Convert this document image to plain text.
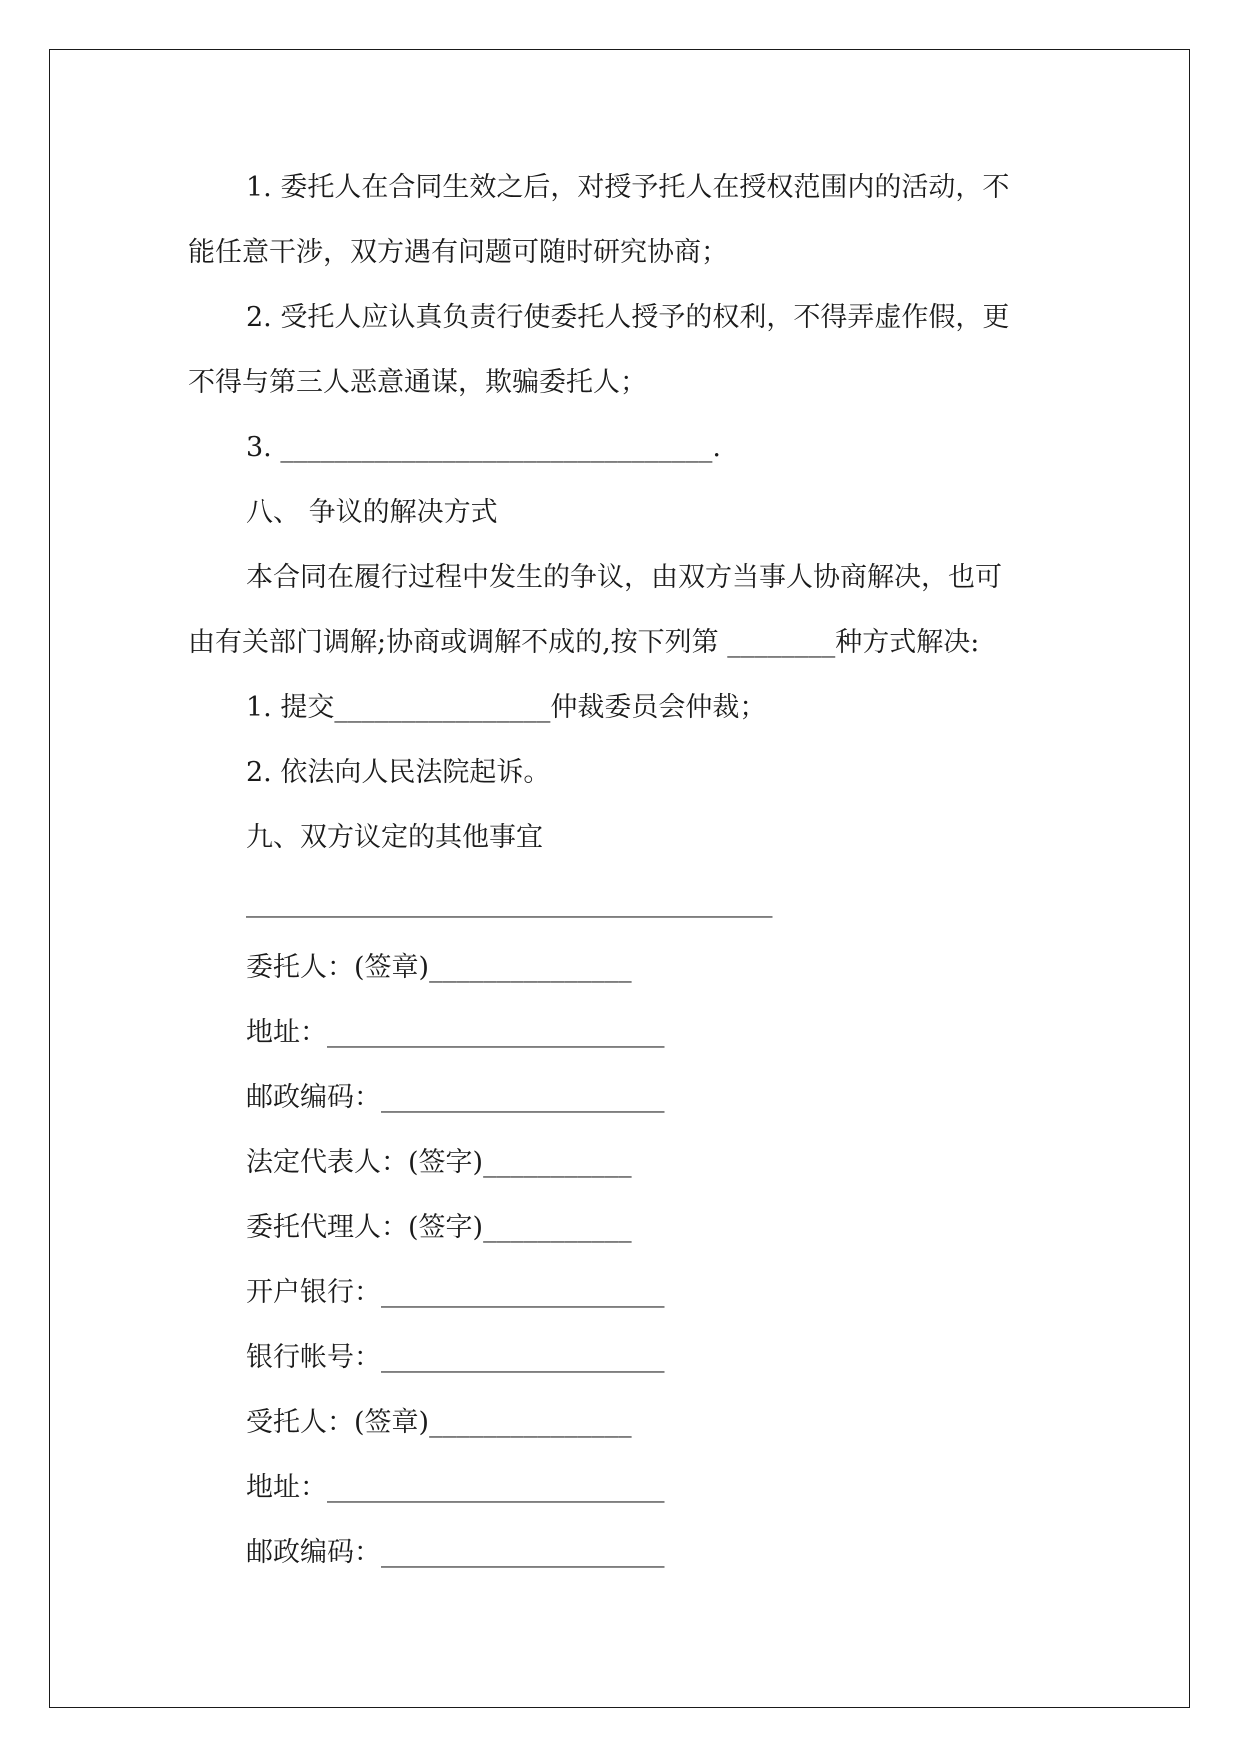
1. 委托人在合同生效之后，对授予托人在授权范围内的活动，不

能任意干涉，双方遇有问题可随时研究协商；

2. 受托人应认真负责行使委托人授予的权利，不得弄虚作假，更

不得与第三人恶意通谋，欺骗委托人；

3. ________________________________.

八、 争议的解决方式

本合同在履行过程中发生的争议，由双方当事人协商解决，也可

由有关部门调解;协商或调解不成的,按下列第 ________种方式解决:

1. 提交________________仲裁委员会仲裁；

2. 依法向人民法院起诉。

九、双方议定的其他事宜

_______________________________________

委托人：(签章)_______________

地址：_________________________

邮政编码：_____________________

法定代表人：(签字)___________

委托代理人：(签字)___________

开户银行：_____________________

银行帐号：_____________________

受托人：(签章)_______________

地址：_________________________

邮政编码：_____________________
